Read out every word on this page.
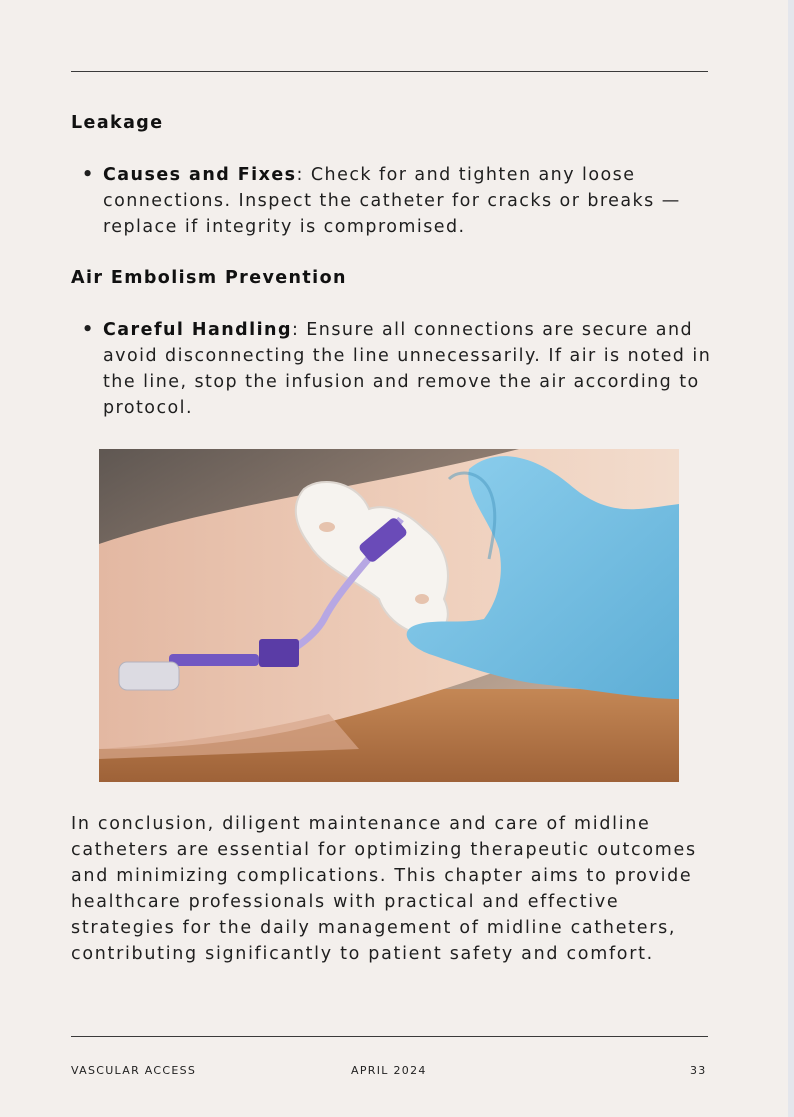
Leakage
• Causes and Fixes: Check for and tighten any loose connections. Inspect the catheter for cracks or breaks — replace if integrity is compromised.
Air Embolism Prevention
• Careful Handling: Ensure all connections are secure and avoid disconnecting the line unnecessarily. If air is noted in the line, stop the infusion and remove the air according to protocol.

In conclusion, diligent maintenance and care of midline catheters are essential for optimizing therapeutic outcomes and minimizing complications. This chapter aims to provide healthcare professionals with practical and effective strategies for the daily management of midline catheters, contributing significantly to patient safety and comfort.

VASCULAR ACCESS	APRIL 2024	33
